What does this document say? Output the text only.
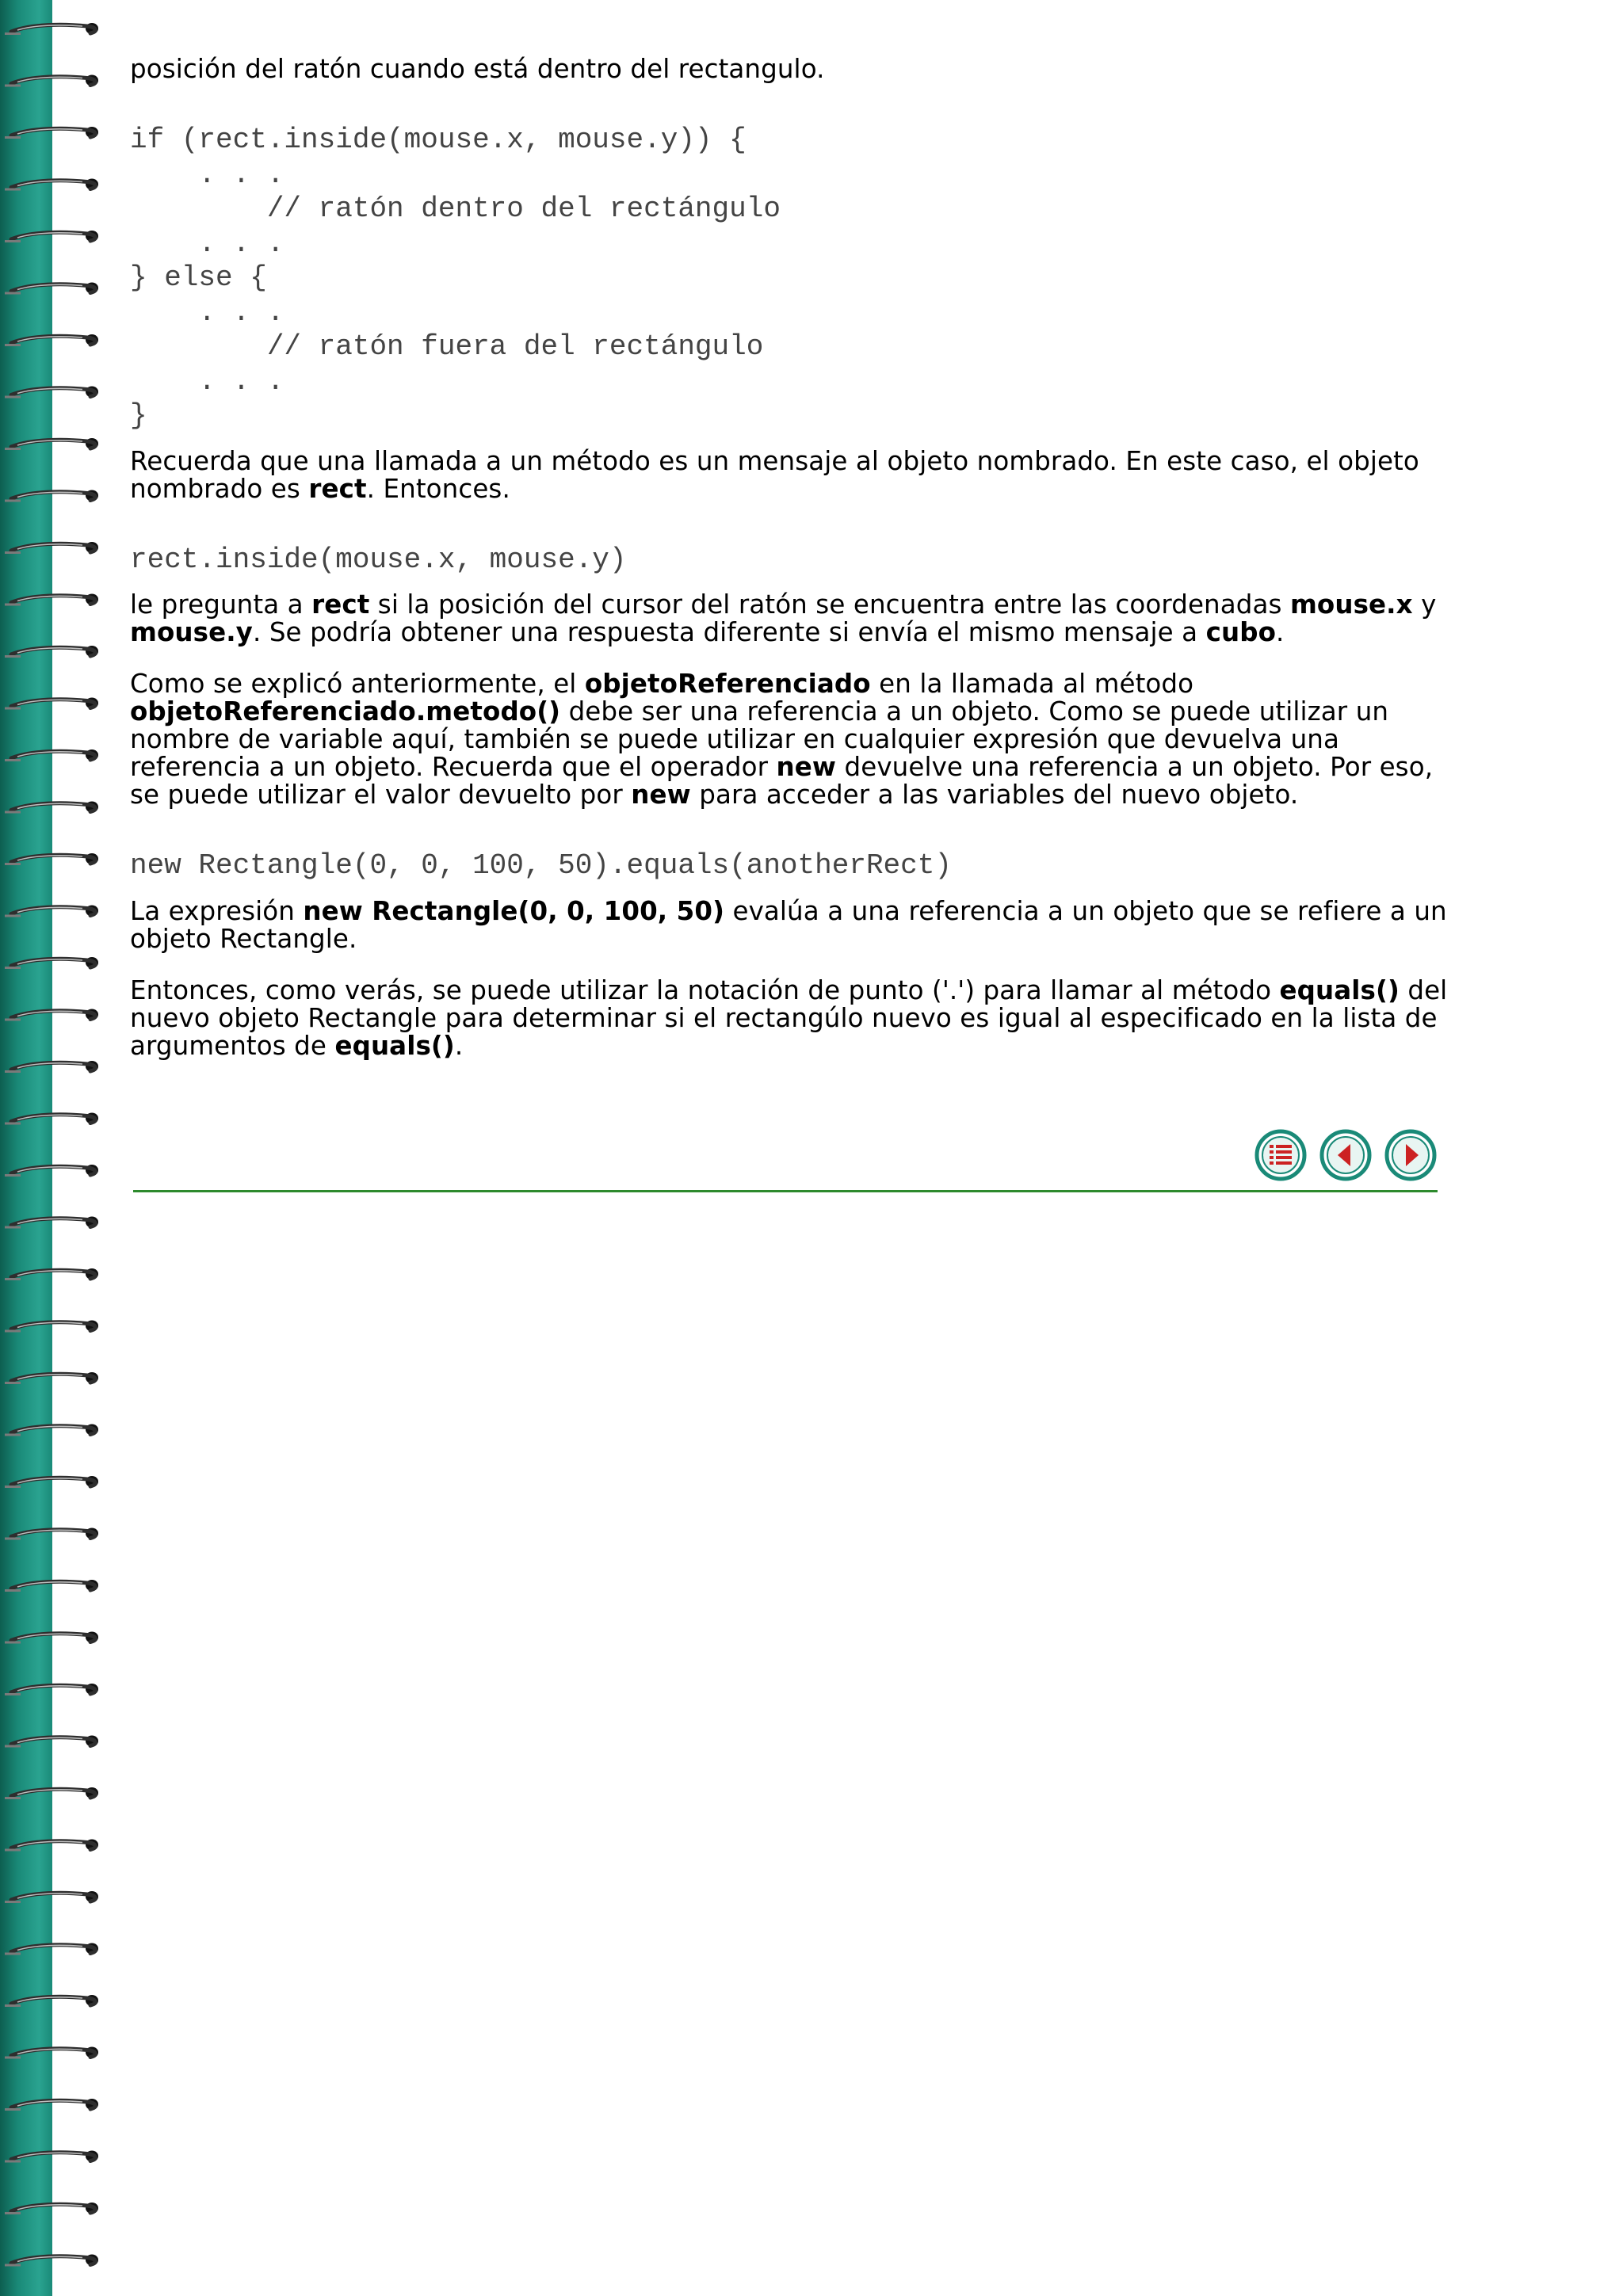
posición del ratón cuando está dentro del rectangulo.

if (rect.inside(mouse.x, mouse.y)) {
. . .
// ratón dentro del rectángulo
. . .
} else {
. . .
// ratón fuera del rectángulo
. . .
}

Recuerda que una llamada a un método es un mensaje al objeto nombrado. En este caso, el objeto nombrado es rect. Entonces.

rect.inside(mouse.x, mouse.y)

le pregunta a rect si la posición del cursor del ratón se encuentra entre las coordenadas mouse.x y mouse.y. Se podría obtener una respuesta diferente si envía el mismo mensaje a cubo.

Como se explicó anteriormente, el objetoReferenciado en la llamada al método objetoReferenciado.metodo() debe ser una referencia a un objeto. Como se puede utilizar un nombre de variable aquí, también se puede utilizar en cualquier expresión que devuelva una referencia a un objeto. Recuerda que el operador new devuelve una referencia a un objeto. Por eso, se puede utilizar el valor devuelto por new para acceder a las variables del nuevo objeto.

new Rectangle(0, 0, 100, 50).equals(anotherRect)

La expresión new Rectangle(0, 0, 100, 50) evalúa a una referencia a un objeto que se refiere a un objeto Rectangle.

Entonces, como verás, se puede utilizar la notación de punto ('.') para llamar al método equals() del nuevo objeto Rectangle para determinar si el rectangúlo nuevo es igual al especificado en la lista de argumentos de equals().
